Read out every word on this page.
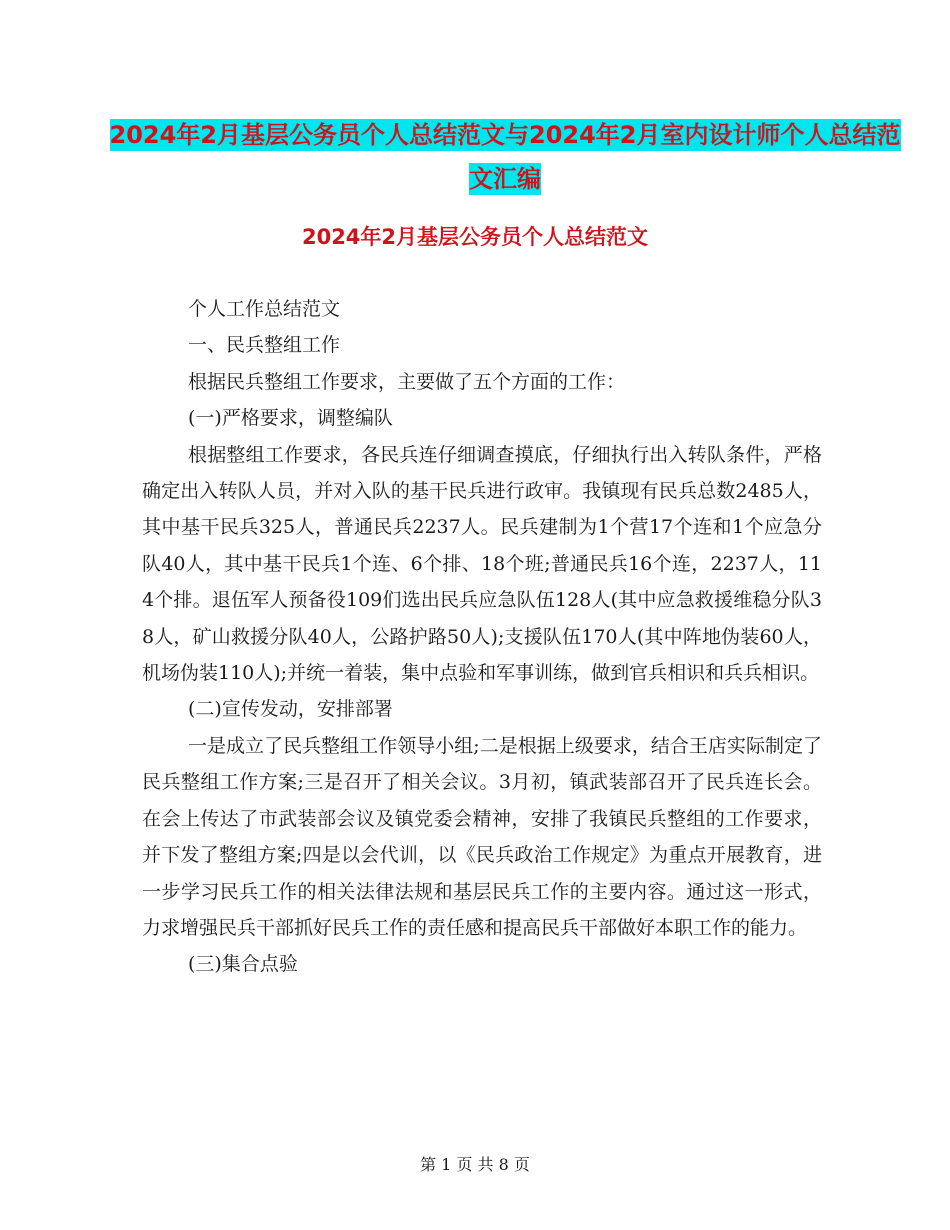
2024年2月基层公务员个人总结范文与2024年2月室内设计师个人总结范文汇编
2024年2月基层公务员个人总结范文

个人工作总结范文

一、民兵整组工作

根据民兵整组工作要求，主要做了五个方面的工作：

(一)严格要求，调整编队

根据整组工作要求，各民兵连仔细调查摸底，仔细执行出入转队条件，严格确定出入转队人员，并对入队的基干民兵进行政审。我镇现有民兵总数2485人，其中基干民兵325人，普通民兵2237人。民兵建制为1个营17个连和1个应急分队40人，其中基干民兵1个连、6个排、18个班;普通民兵16个连，2237人，114个排。退伍军人预备役109们选出民兵应急队伍128人(其中应急救援维稳分队38人，矿山救援分队40人，公路护路50人);支援队伍170人(其中阵地伪装60人，机场伪装110人);并统一着装，集中点验和军事训练，做到官兵相识和兵兵相识。

(二)宣传发动，安排部署

一是成立了民兵整组工作领导小组;二是根据上级要求，结合王店实际制定了民兵整组工作方案;三是召开了相关会议。3月初，镇武装部召开了民兵连长会。在会上传达了市武装部会议及镇党委会精神，安排了我镇民兵整组的工作要求，并下发了整组方案;四是以会代训，以《民兵政治工作规定》为重点开展教育，进一步学习民兵工作的相关法律法规和基层民兵工作的主要内容。通过这一形式，力求增强民兵干部抓好民兵工作的责任感和提高民兵干部做好本职工作的能力。

(三)集合点验

第 1 页 共 8 页
